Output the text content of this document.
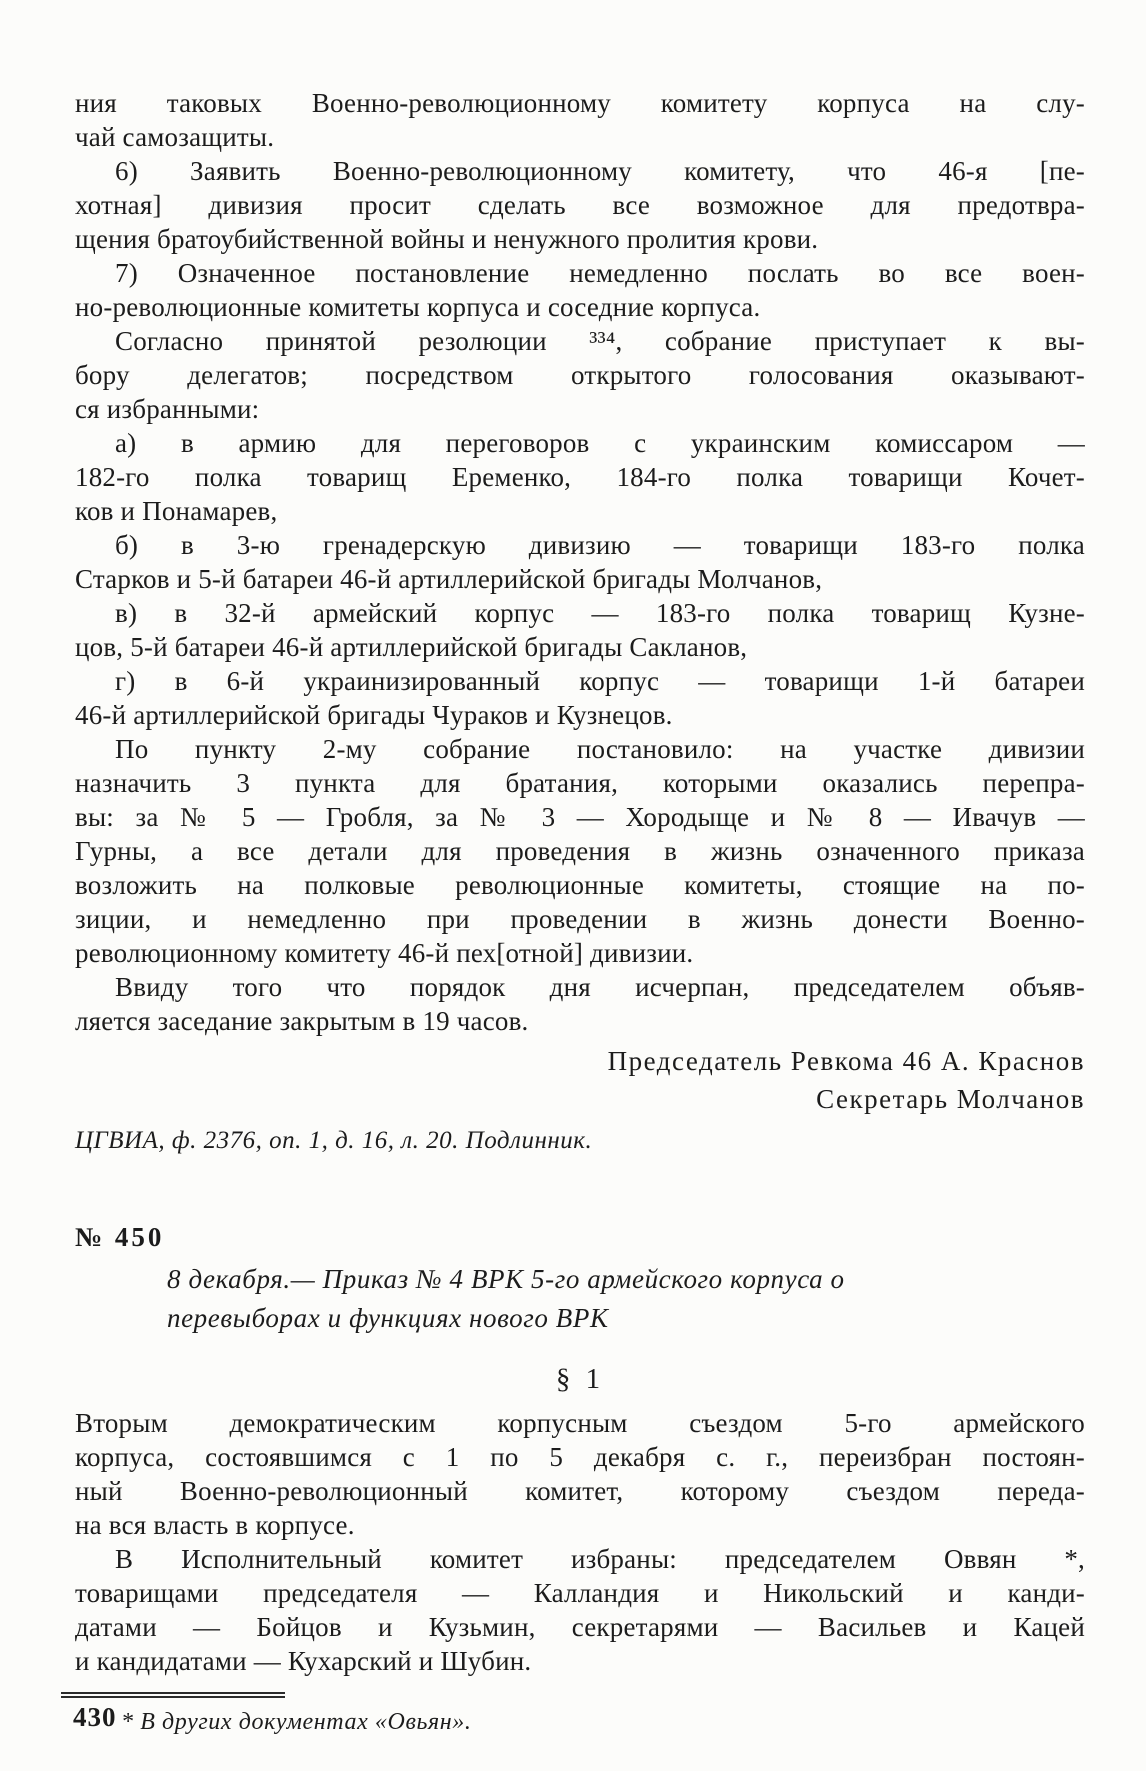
ния таковых Военно-революционному комитету корпуса на слу-
чай самозащиты.
6) Заявить Военно-революционному комитету, что 46-я [пе-
хотная] дивизия просит сделать все возможное для предотвра-
щения братоубийственной войны и ненужного пролития крови.
7) Означенное постановление немедленно послать во все воен-
но-революционные комитеты корпуса и соседние корпуса.
Согласно принятой резолюции ³³⁴, собрание приступает к вы-
бору делегатов; посредством открытого голосования оказывают-
ся избранными:
а) в армию для переговоров с украинским комиссаром —
182-го полка товарищ Еременко, 184-го полка товарищи Кочет-
ков и Понамарев,
б) в 3-ю гренадерскую дивизию — товарищи 183-го полка
Старков и 5-й батареи 46-й артиллерийской бригады Молчанов,
в) в 32-й армейский корпус — 183-го полка товарищ Кузне-
цов, 5-й батареи 46-й артиллерийской бригады Сакланов,
г) в 6-й украинизированный корпус — товарищи 1-й батареи
46-й артиллерийской бригады Чураков и Кузнецов.
По пункту 2-му собрание постановило: на участке дивизии
назначить 3 пункта для братания, которыми оказались перепра-
вы: за № 5 — Гробля, за № 3 — Хородыще и № 8 — Ивачув —
Гурны, а все детали для проведения в жизнь означенного приказа
возложить на полковые революционные комитеты, стоящие на по-
зиции, и немедленно при проведении в жизнь донести Военно-
революционному комитету 46-й пех[отной] дивизии.
Ввиду того что порядок дня исчерпан, председателем объяв-
ляется заседание закрытым в 19 часов.
Председатель Ревкома 46 А. Краснов
Секретарь Молчанов
ЦГВИА, ф. 2376, оп. 1, д. 16, л. 20. Подлинник.
№ 450
8 декабря.— Приказ № 4 ВРК 5-го армейского корпуса о
перевыборах и функциях нового ВРК
§ 1
Вторым демократическим корпусным съездом 5-го армейского
корпуса, состоявшимся с 1 по 5 декабря с. г., переизбран постоян-
ный Военно-революционный комитет, которому съездом переда-
на вся власть в корпусе.
В Исполнительный комитет избраны: председателем Оввян *,
товарищами председателя — Калландия и Никольский и канди-
датами — Бойцов и Кузьмин, секретарями — Васильев и Кацей
и кандидатами — Кухарский и Шубин.
* В других документах «Овьян».
430
